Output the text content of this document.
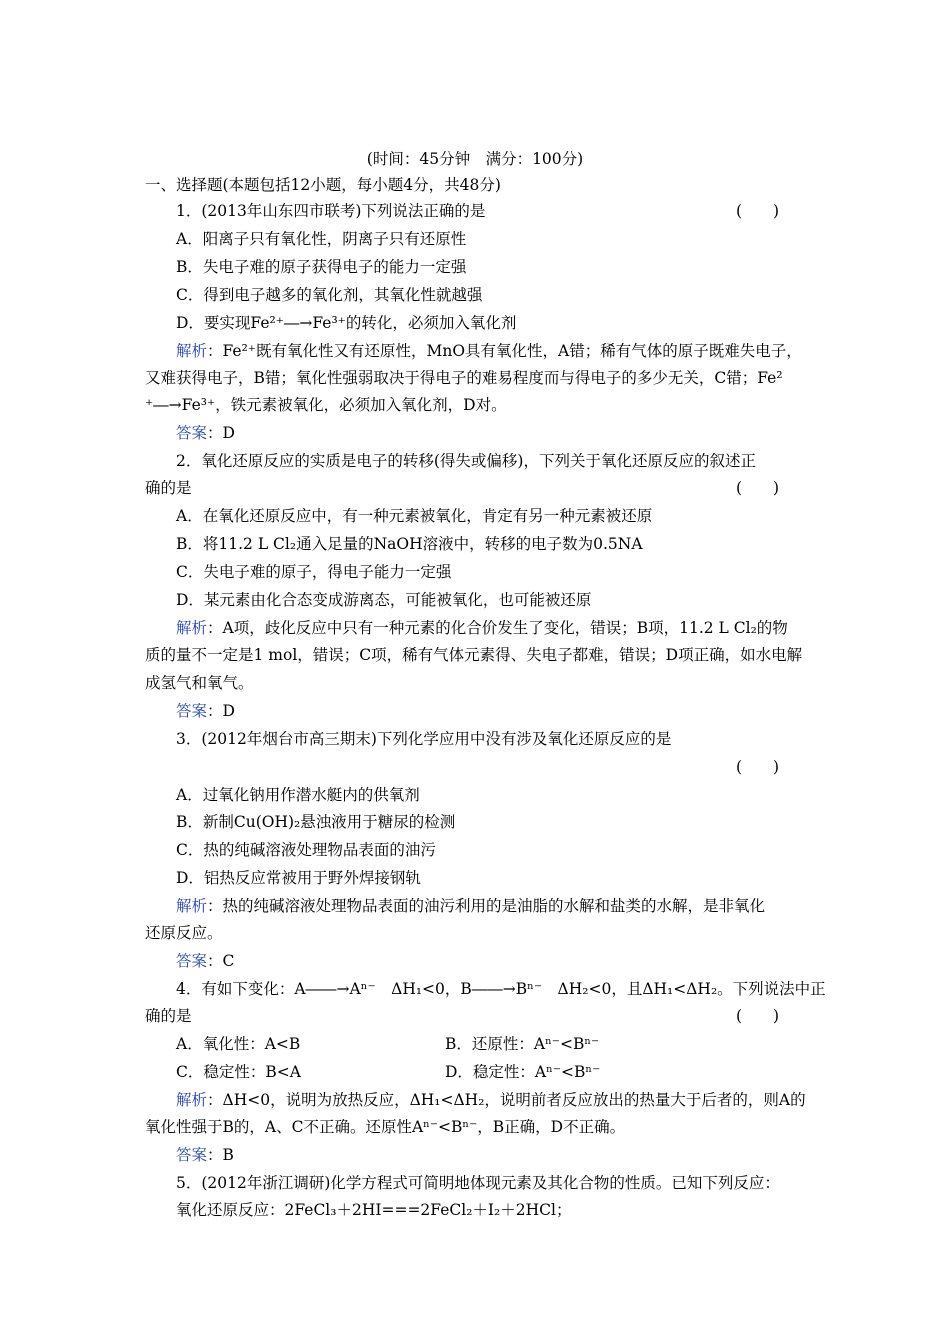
(时间：45分钟　满分：100分)
一、选择题(本题包括12小题，每小题4分，共48分)
1．(2013年山东四市联考)下列说法正确的是	(　　)
A．阳离子只有氧化性，阴离子只有还原性
B．失电子难的原子获得电子的能力一定强
C．得到电子越多的氧化剂，其氧化性就越强
D．要实现Fe²⁺―→Fe³⁺的转化，必须加入氧化剂
解析：Fe²⁺既有氧化性又有还原性，MnO具有氧化性，A错；稀有气体的原子既难失电子，
又难获得电子，B错；氧化性强弱取决于得电子的难易程度而与得电子的多少无关，C错；Fe²
⁺―→Fe³⁺，铁元素被氧化，必须加入氧化剂，D对。
答案：D
2．氧化还原反应的实质是电子的转移(得失或偏移)，下列关于氧化还原反应的叙述正
确的是	(　　)
A．在氧化还原反应中，有一种元素被氧化，肯定有另一种元素被还原
B．将11.2 L Cl₂通入足量的NaOH溶液中，转移的电子数为0.5NA
C．失电子难的原子，得电子能力一定强
D．某元素由化合态变成游离态，可能被氧化，也可能被还原
解析：A项，歧化反应中只有一种元素的化合价发生了变化，错误；B项，11.2 L Cl₂的物
质的量不一定是1 mol，错误；C项，稀有气体元素得、失电子都难，错误；D项正确，如水电解
成氢气和氧气。
答案：D
3．(2012年烟台市高三期末)下列化学应用中没有涉及氧化还原反应的是
(　　)
A．过氧化钠用作潜水艇内的供氧剂
B．新制Cu(OH)₂悬浊液用于糖尿的检测
C．热的纯碱溶液处理物品表面的油污
D．铝热反应常被用于野外焊接钢轨
解析：热的纯碱溶液处理物品表面的油污利用的是油脂的水解和盐类的水解，是非氧化
还原反应。
答案：C
4．有如下变化：A――→Aⁿ⁻　ΔH₁<0，B――→Bⁿ⁻　ΔH₂<0，且ΔH₁<ΔH₂。下列说法中正
确的是	(　　)
A．氧化性：A<B	B．还原性：Aⁿ⁻<Bⁿ⁻
C．稳定性：B<A	D．稳定性：Aⁿ⁻<Bⁿ⁻
解析：ΔH<0，说明为放热反应，ΔH₁<ΔH₂，说明前者反应放出的热量大于后者的，则A的
氧化性强于B的，A、C不正确。还原性Aⁿ⁻<Bⁿ⁻，B正确，D不正确。
答案：B
5．(2012年浙江调研)化学方程式可简明地体现元素及其化合物的性质。已知下列反应：
氧化还原反应：2FeCl₃＋2HI===2FeCl₂＋I₂＋2HCl；
